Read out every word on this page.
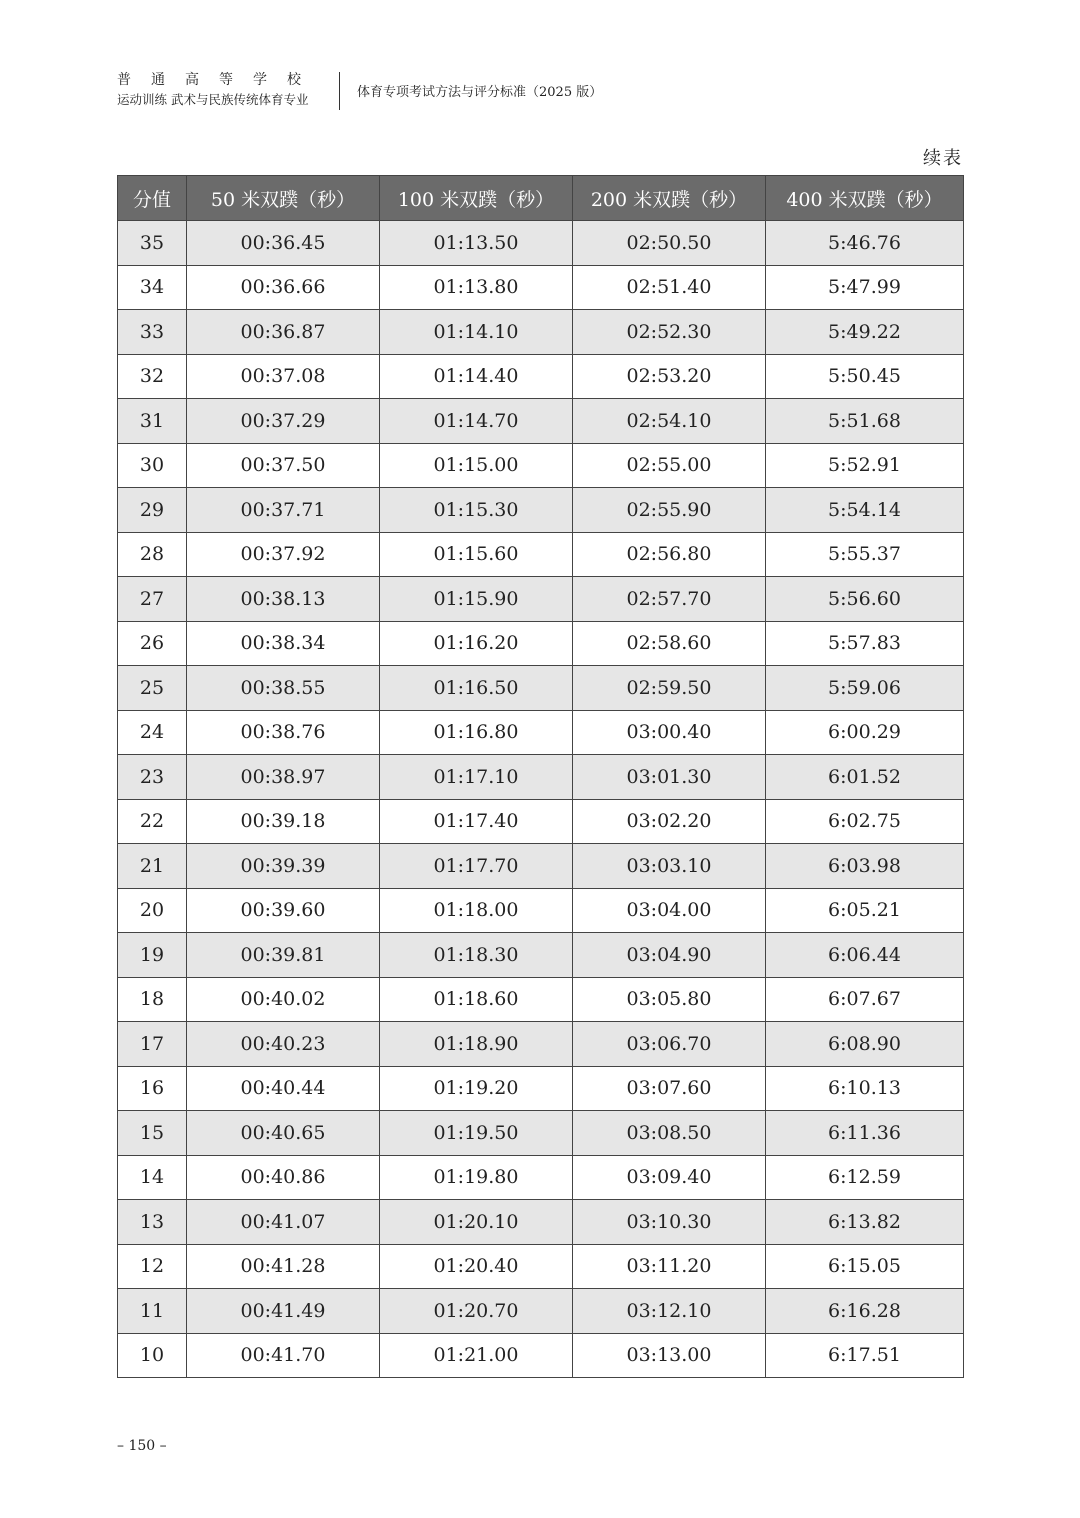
普通高等学校
运动训练 武术与民族传统体育专业	体育专项考试方法与评分标准（2025 版）
续表
分值	50 米双蹼（秒）	100 米双蹼（秒）	200 米双蹼（秒）	400 米双蹼（秒）
35	00:36.45	01:13.50	02:50.50	5:46.76
34	00:36.66	01:13.80	02:51.40	5:47.99
33	00:36.87	01:14.10	02:52.30	5:49.22
32	00:37.08	01:14.40	02:53.20	5:50.45
31	00:37.29	01:14.70	02:54.10	5:51.68
30	00:37.50	01:15.00	02:55.00	5:52.91
29	00:37.71	01:15.30	02:55.90	5:54.14
28	00:37.92	01:15.60	02:56.80	5:55.37
27	00:38.13	01:15.90	02:57.70	5:56.60
26	00:38.34	01:16.20	02:58.60	5:57.83
25	00:38.55	01:16.50	02:59.50	5:59.06
24	00:38.76	01:16.80	03:00.40	6:00.29
23	00:38.97	01:17.10	03:01.30	6:01.52
22	00:39.18	01:17.40	03:02.20	6:02.75
21	00:39.39	01:17.70	03:03.10	6:03.98
20	00:39.60	01:18.00	03:04.00	6:05.21
19	00:39.81	01:18.30	03:04.90	6:06.44
18	00:40.02	01:18.60	03:05.80	6:07.67
17	00:40.23	01:18.90	03:06.70	6:08.90
16	00:40.44	01:19.20	03:07.60	6:10.13
15	00:40.65	01:19.50	03:08.50	6:11.36
14	00:40.86	01:19.80	03:09.40	6:12.59
13	00:41.07	01:20.10	03:10.30	6:13.82
12	00:41.28	01:20.40	03:11.20	6:15.05
11	00:41.49	01:20.70	03:12.10	6:16.28
10	00:41.70	01:21.00	03:13.00	6:17.51
– 150 –
